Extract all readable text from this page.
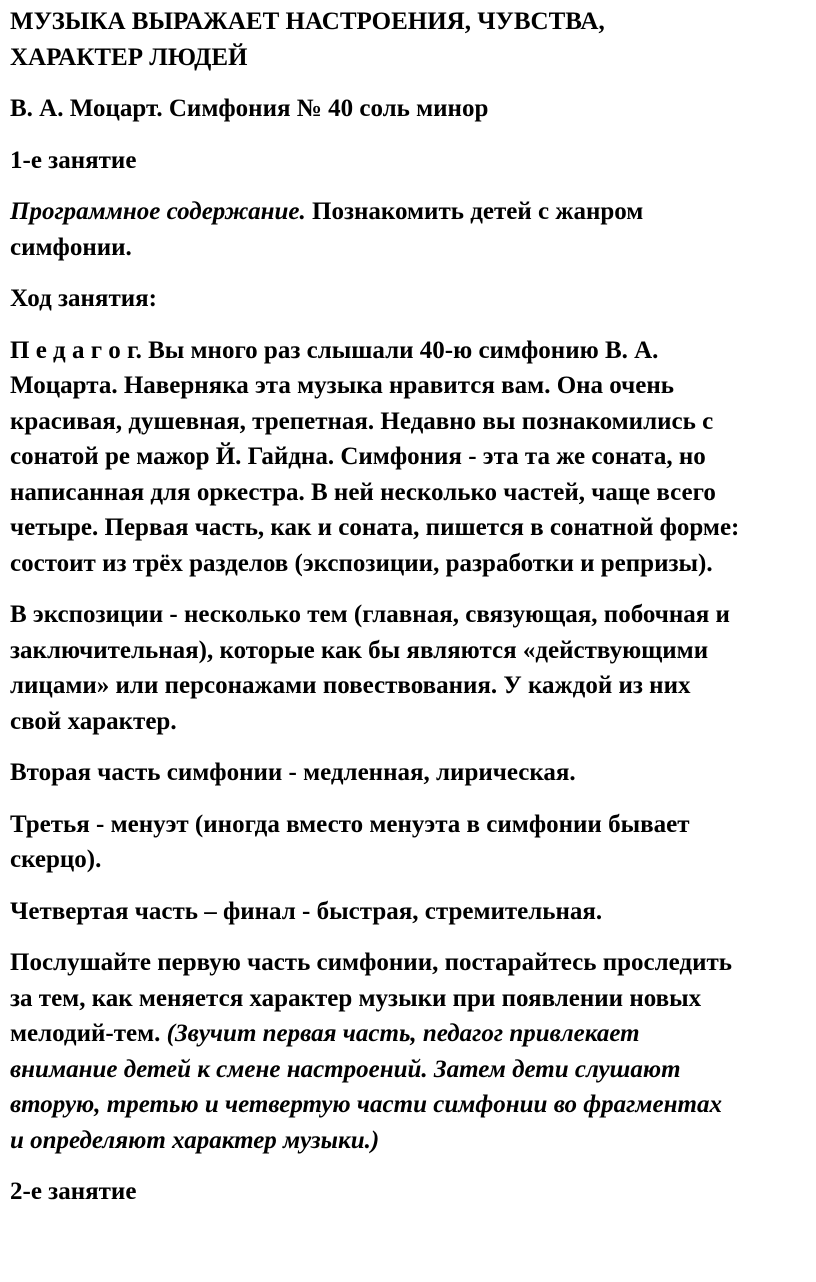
МУЗЫКА ВЫРАЖАЕТ НАСТРОЕНИЯ, ЧУВСТВА,
ХАРАКТЕР ЛЮДЕЙ

В. А. Моцарт. Симфония № 40 соль минор

1-е занятие

Программное содержание. Познакомить детей с жанром
симфонии.

Ход занятия:

П е д а г о г. Вы много раз слышали 40-ю симфонию В. А.
Моцарта. Наверняка эта музыка нравится вам. Она очень
красивая, душевная, трепетная. Недавно вы познакомились с
сонатой ре мажор Й. Гайдна. Симфония - эта та же соната, но
написанная для оркестра. В ней несколько частей, чаще всего
четыре. Первая часть, как и соната, пишется в сонатной форме:
состоит из трёх разделов (экспозиции, разработки и репризы).

В экспозиции - несколько тем (главная, связующая, побочная и
заключительная), которые как бы являются «действующими
лицами» или персонажами повествования. У каждой из них
свой характер.

Вторая часть симфонии - медленная, лирическая.

Третья - менуэт (иногда вместо менуэта в симфонии бывает
скерцо).

Четвертая часть – финал - быстрая, стремительная.

Послушайте первую часть симфонии, постарайтесь проследить
за тем, как меняется характер музыки при появлении новых
мелодий-тем. (Звучит первая часть, педагог привлекает
внимание детей к смене настроений. Затем дети слушают
вторую, третью и четвертую части симфонии во фрагментах
и определяют характер музыки.)

2-е занятие
